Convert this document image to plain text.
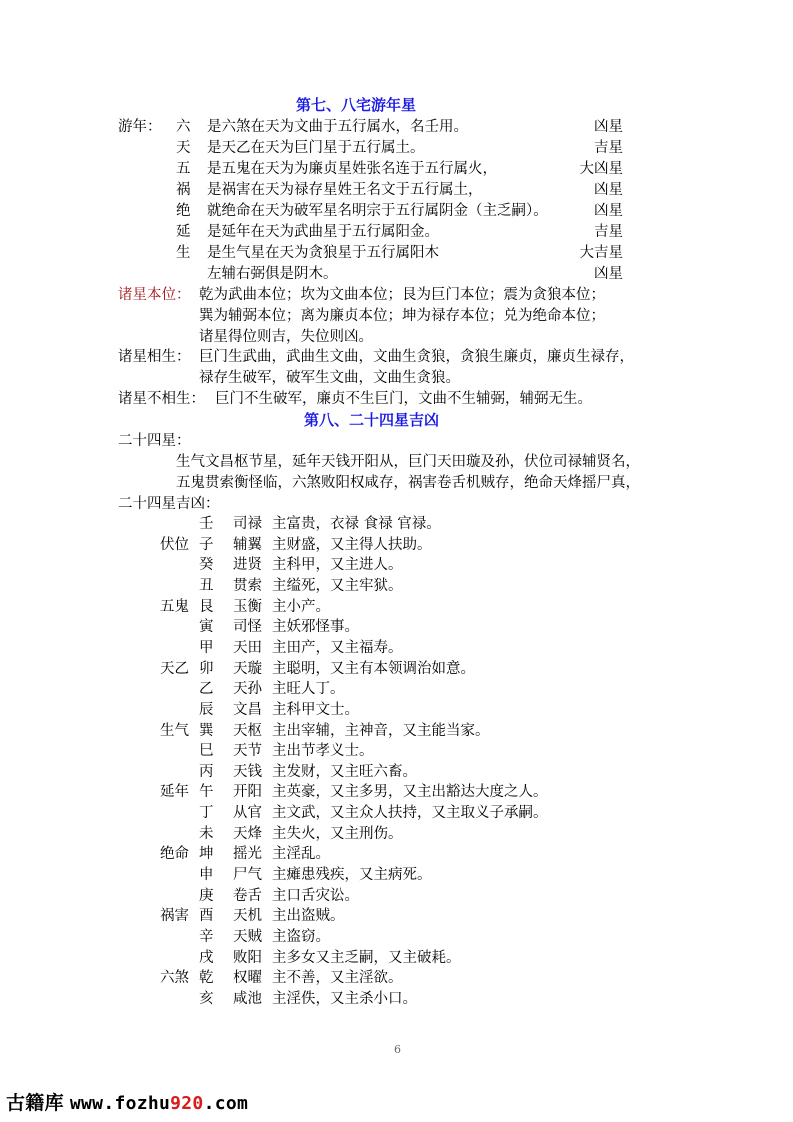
第七、八宅游年星
游年： 六 是六煞在天为文曲于五行属水，名壬用。	凶星
天 是天乙在天为巨门星于五行属土。	吉星
五 是五鬼在天为为廉贞星姓张名连于五行属火，	大凶星
祸 是祸害在天为禄存星姓王名文于五行属土，	凶星
绝 就绝命在天为破军星名明宗于五行属阴金（主乏嗣）。	凶星
延 是延年在天为武曲星于五行属阳金。	吉星
生 是生气星在天为贪狼星于五行属阳木	大吉星
左辅右弼俱是阴木。	凶星
诸星本位： 乾为武曲本位；坎为文曲本位；艮为巨门本位；震为贪狼本位；
巽为辅弼本位；离为廉贞本位；坤为禄存本位；兑为绝命本位；
诸星得位则吉，失位则凶。
诸星相生： 巨门生武曲，武曲生文曲，文曲生贪狼，贪狼生廉贞，廉贞生禄存，
禄存生破军，破军生文曲，文曲生贪狼。
诸星不相生： 巨门不生破军，廉贞不生巨门，文曲不生辅弼，辅弼无生。
第八、二十四星吉凶
二十四星：
生气文昌枢节星，延年天钱开阳从，巨门天田璇及孙，伏位司禄辅贤名，
五鬼贯索衡怪临，六煞败阳权咸存，祸害卷舌机贼存，绝命天烽摇尸真，
二十四星吉凶：
壬 司禄 主富贵，衣禄 食禄 官禄。
伏位 子 辅翼 主财盛，又主得人扶助。
癸 进贤 主科甲，又主进人。
丑 贯索 主缢死，又主牢狱。
五鬼 艮 玉衡 主小产。
寅 司怪 主妖邪怪事。
甲 天田 主田产，又主福寿。
天乙 卯 天璇 主聪明，又主有本领调治如意。
乙 天孙 主旺人丁。
辰 文昌 主科甲文士。
生气 巽 天枢 主出宰辅，主神音，又主能当家。
巳 天节 主出节孝义士。
丙 天钱 主发财，又主旺六畜。
延年 午 开阳 主英豪，又主多男，又主出豁达大度之人。
丁 从官 主文武，又主众人扶持，又主取义子承嗣。
未 天烽 主失火，又主刑伤。
绝命 坤 摇光 主淫乱。
申 尸气 主瘫患残疾，又主病死。
庚 卷舌 主口舌灾讼。
祸害 酉 天机 主出盗贼。
辛 天贼 主盗窃。
戌 败阳 主多女又主乏嗣，又主破耗。
六煞 乾 权曜 主不善，又主淫欲。
亥 咸池 主淫佚，又主杀小口。
6
古籍库 www.fozhu920.com
